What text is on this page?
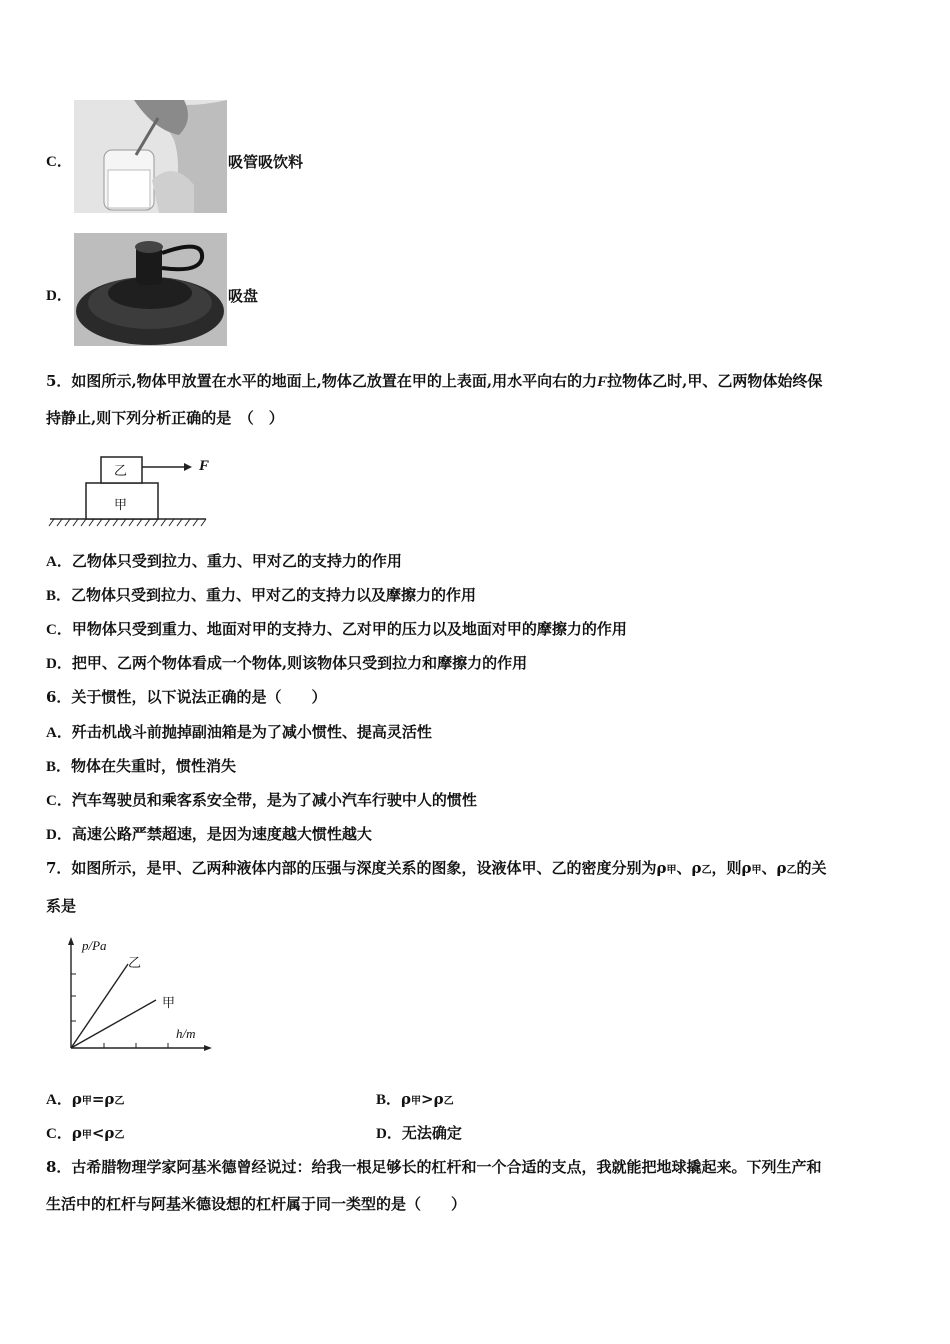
C．	吸管吸饮料
D．	吸盘
5．如图所示,物体甲放置在水平的地面上,物体乙放置在甲的上表面,用水平向右的力F拉物体乙时,甲、乙两物体始终保
持静止,则下列分析正确的是　（　）
乙
甲
F
A．乙物体只受到拉力、重力、甲对乙的支持力的作用
B．乙物体只受到拉力、重力、甲对乙的支持力以及摩擦力的作用
C．甲物体只受到重力、地面对甲的支持力、乙对甲的压力以及地面对甲的摩擦力的作用
D．把甲、乙两个物体看成一个物体,则该物体只受到拉力和摩擦力的作用
6．关于惯性，以下说法正确的是（　　）
A．歼击机战斗前抛掉副油箱是为了减小惯性、提高灵活性
B．物体在失重时，惯性消失
C．汽车驾驶员和乘客系安全带，是为了减小汽车行驶中人的惯性
D．高速公路严禁超速，是因为速度越大惯性越大
7．如图所示，是甲、乙两种液体内部的压强与深度关系的图象，设液体甲、乙的密度分别为ρ甲、ρ乙，则ρ甲、ρ乙的关
系是
p/Pa
乙
甲
h/m
A．ρ甲=ρ乙	B．ρ甲>ρ乙
C．ρ甲<ρ乙	D．无法确定
8．古希腊物理学家阿基米德曾经说过：给我一根足够长的杠杆和一个合适的支点，我就能把地球撬起来。下列生产和
生活中的杠杆与阿基米德设想的杠杆属于同一类型的是（　　）
